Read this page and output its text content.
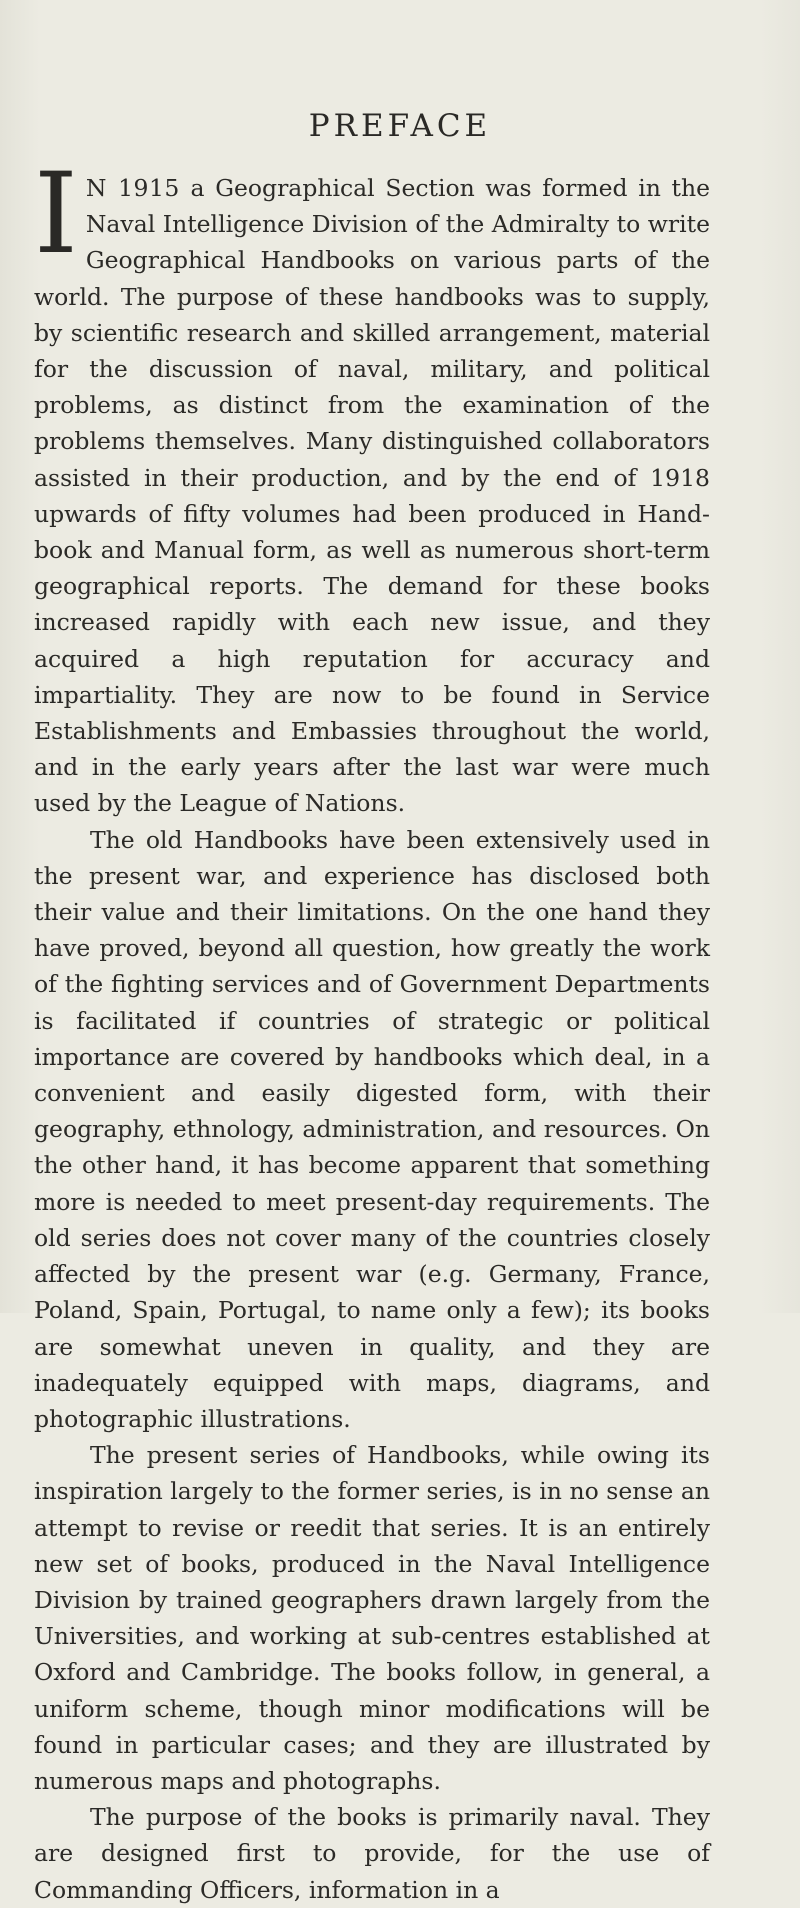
PREFACE

I N 1915 a Geographical Section was formed in the Naval Intelligence Division of the Admiralty to write Geographical Handbooks on various parts of the world. The purpose of these handbooks was to supply, by scientific research and skilled arrangement, material for the discussion of naval, military, and political problems, as distinct from the examination of the problems themselves. Many distinguished collaborators assisted in their production, and by the end of 1918 upwards of fifty volumes had been produced in Handbook and Manual form, as well as numerous short-term geographical reports. The demand for these books increased rapidly with each new issue, and they acquired a high reputation for accuracy and impartiality. They are now to be found in Service Establishments and Embassies throughout the world, and in the early years after the last war were much used by the League of Nations.

The old Handbooks have been extensively used in the present war, and experience has disclosed both their value and their limitations. On the one hand they have proved, beyond all question, how greatly the work of the fighting services and of Government Departments is facilitated if countries of strategic or political importance are covered by handbooks which deal, in a convenient and easily digested form, with their geography, ethnology, administration, and resources. On the other hand, it has become apparent that something more is needed to meet present-day requirements. The old series does not cover many of the countries closely affected by the present war (e.g. Germany, France, Poland, Spain, Portugal, to name only a few); its books are somewhat uneven in quality, and they are inadequately equipped with maps, diagrams, and photographic illustrations.

The present series of Handbooks, while owing its inspiration largely to the former series, is in no sense an attempt to revise or reedit that series. It is an entirely new set of books, produced in the Naval Intelligence Division by trained geographers drawn largely from the Universities, and working at sub-centres established at Oxford and Cambridge. The books follow, in general, a uniform scheme, though minor modifications will be found in particular cases; and they are illustrated by numerous maps and photographs.

The purpose of the books is primarily naval. They are designed first to provide, for the use of Commanding Officers, information in a
